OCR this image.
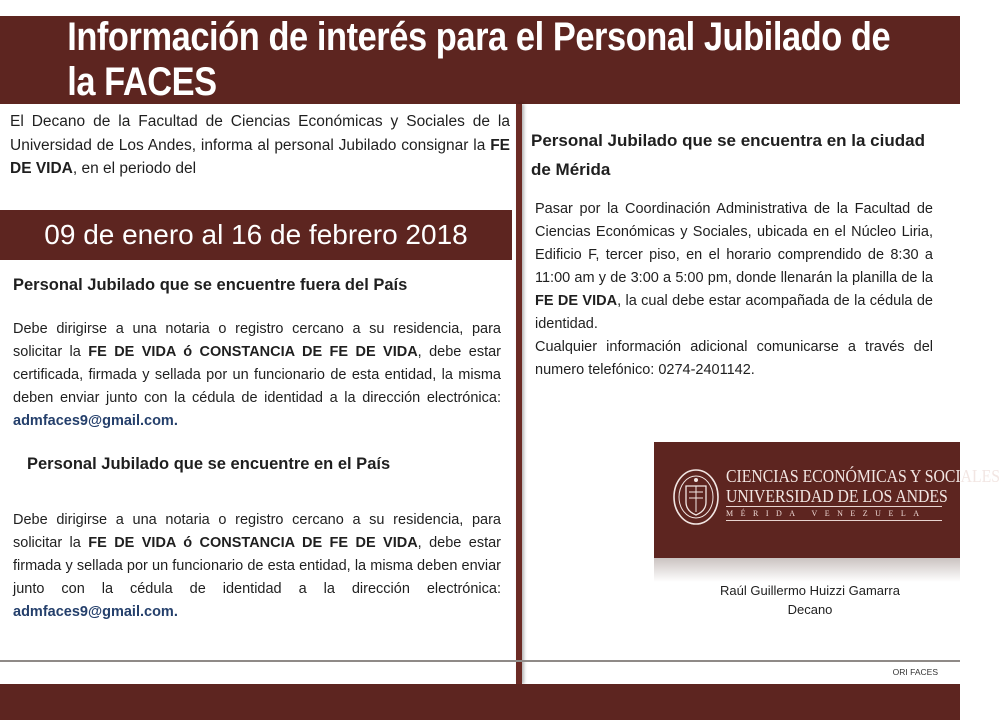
Información de interés para el Personal Jubilado de la FACES
El Decano de la Facultad de Ciencias Económicas y Sociales de la Universidad de Los Andes, informa al personal Jubilado consignar la FE DE VIDA, en el periodo del
09 de enero al 16 de febrero 2018
Personal Jubilado que se encuentre fuera del País
Debe dirigirse a una notaria o registro cercano a su residencia, para solicitar la FE DE VIDA ó CONSTANCIA DE FE DE VIDA, debe estar certificada, firmada y sellada por un funcionario de esta entidad, la misma deben enviar junto con la cédula de identidad a la dirección electrónica: admfaces9@gmail.com.
Personal Jubilado que se encuentre en el País
Debe dirigirse a una notaria o registro cercano a su residencia, para solicitar la FE DE VIDA ó CONSTANCIA DE FE DE VIDA, debe estar firmada y sellada por un funcionario de esta entidad, la misma deben enviar junto con la cédula de identidad a la dirección electrónica: admfaces9@gmail.com.
Personal Jubilado que se encuentra en la ciudad de Mérida
Pasar por la Coordinación Administrativa de la Facultad de Ciencias Económicas y Sociales, ubicada en el Núcleo Liria, Edificio F, tercer piso, en el horario comprendido de 8:30 a 11:00 am y de 3:00 a 5:00 pm, donde llenarán la planilla de la FE DE VIDA, la cual debe estar acompañada de la cédula de identidad.
Cualquier información adicional comunicarse a través del numero telefónico: 0274-2401142.
CIENCIAS ECONÓMICAS Y SOCIALES
UNIVERSIDAD DE LOS ANDES
MÉRIDA VENEZUELA
Raúl Guillermo Huizzi Gamarra
Decano
ORI FACES
